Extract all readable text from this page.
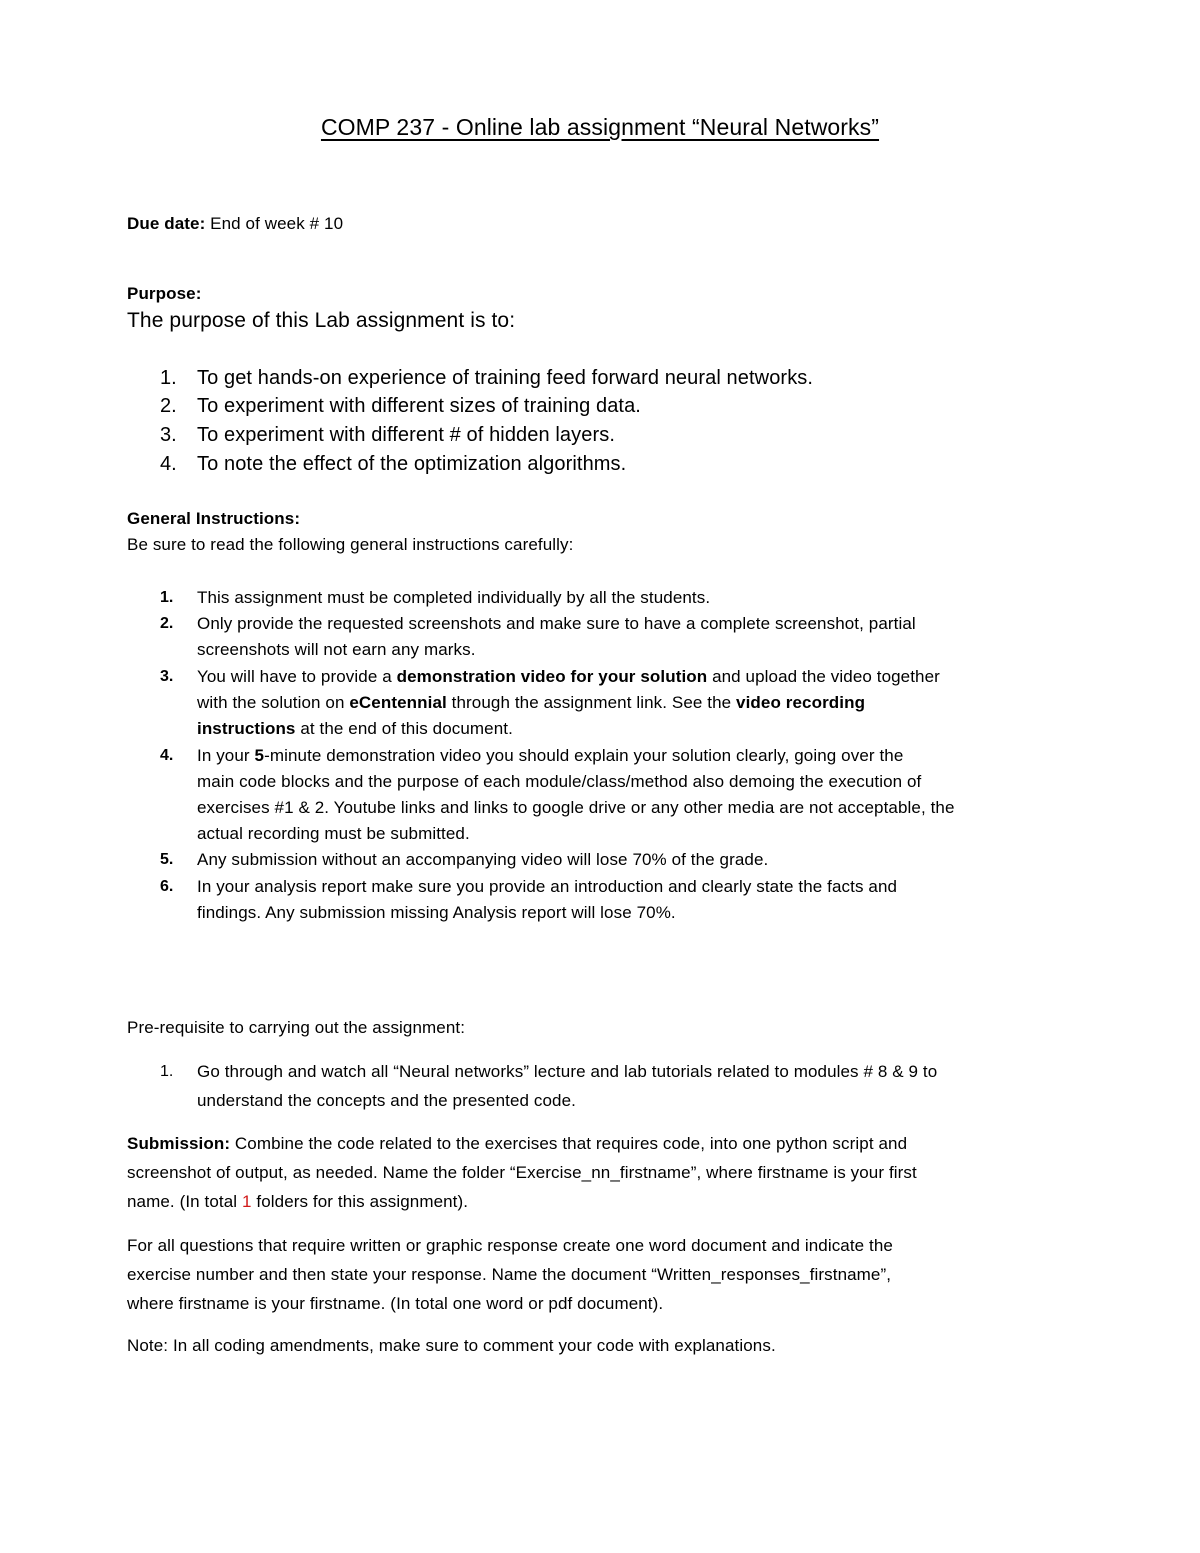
COMP 237 - Online lab assignment “Neural Networks”
Due date: End of week # 10
Purpose:
The purpose of this Lab assignment is to:
1. To get hands-on experience of training feed forward neural networks.
2. To experiment with different sizes of training data.
3. To experiment with different # of hidden layers.
4. To note the effect of the optimization algorithms.
General Instructions:
Be sure to read the following general instructions carefully:
1. This assignment must be completed individually by all the students.
2. Only provide the requested screenshots and make sure to have a complete screenshot, partial
screenshots will not earn any marks.
3. You will have to provide a demonstration video for your solution and upload the video together
with the solution on eCentennial through the assignment link. See the video recording
instructions at the end of this document.
4. In your 5-minute demonstration video you should explain your solution clearly, going over the
main code blocks and the purpose of each module/class/method also demoing the execution of
exercises #1 & 2. Youtube links and links to google drive or any other media are not acceptable, the
actual recording must be submitted.
5. Any submission without an accompanying video will lose 70% of the grade.
6. In your analysis report make sure you provide an introduction and clearly state the facts and
findings. Any submission missing Analysis report will lose 70%.
Pre-requisite to carrying out the assignment:
1. Go through and watch all “Neural networks” lecture and lab tutorials related to modules # 8 & 9 to
understand the concepts and the presented code.
Submission: Combine the code related to the exercises that requires code, into one python script and
screenshot of output, as needed. Name the folder “Exercise_nn_firstname”, where firstname is your first
name. (In total 1 folders for this assignment).
For all questions that require written or graphic response create one word document and indicate the
exercise number and then state your response. Name the document “Written_responses_firstname”,
where firstname is your firstname. (In total one word or pdf document).
Note: In all coding amendments, make sure to comment your code with explanations.
